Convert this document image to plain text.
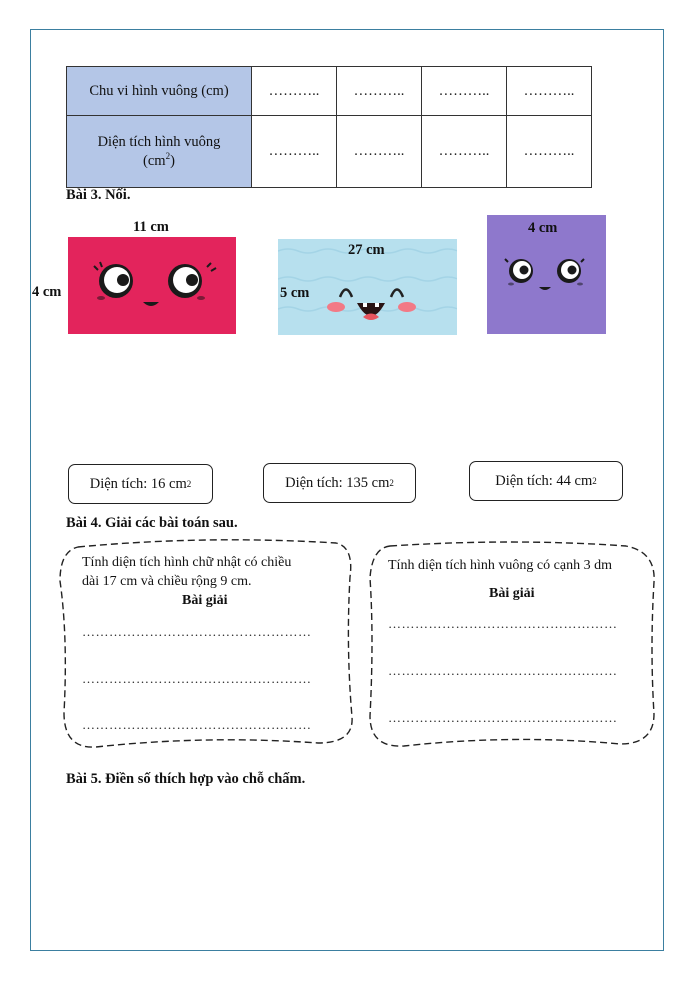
Chu vi hình vuông (cm)	………..	………..	………..	………..
Diện tích hình vuông
$(cm^2)$	………..	………..	………..	………..
Bài 3. Nối.
11 cm
4 cm
27 cm
5 cm
4 cm
Diện tích: 16 cm 2	Diện tích: 135 cm 2	Diện tích: 44 cm 2
Bài 4. Giải các bài toán sau.
Tính diện tích hình chữ nhật có chiều
dài 17 cm và chiều rộng 9 cm.
Bài giải
……………………………………………
……………………………………………
……………………………………………
Tính diện tích hình vuông có cạnh 3 dm
Bài giải
……………………………………………
……………………………………………
……………………………………………
Bài 5. Điền số thích hợp vào chỗ chấm.
